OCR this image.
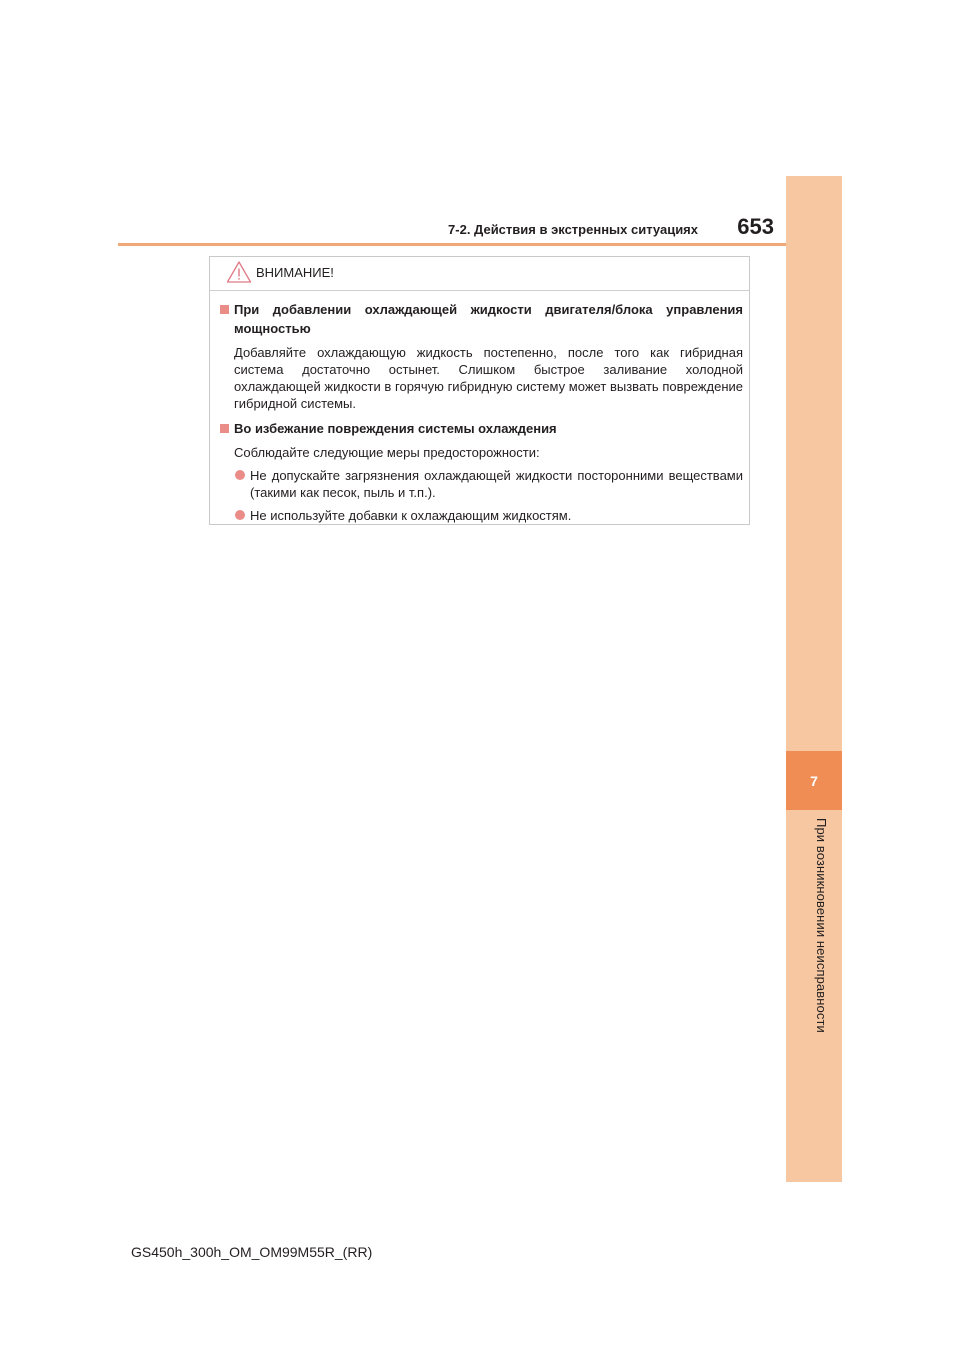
7
При возникновении неисправности
7-2. Действия в экстренных ситуациях	653
ВНИМАНИЕ!
При добавлении охлаждающей жидкости двигателя/блока управления мощностью
Добавляйте охлаждающую жидкость постепенно, после того как гибридная система достаточно остынет. Слишком быстрое заливание холодной охлаждающей жидкости в горячую гибридную систему может вызвать повреждение гибридной системы.
Во избежание повреждения системы охлаждения
Соблюдайте следующие меры предосторожности:
Не допускайте загрязнения охлаждающей жидкости посторонними веществами (такими как песок, пыль и т.п.).
Не используйте добавки к охлаждающим жидкостям.
GS450h_300h_OM_OM99M55R_(RR)
